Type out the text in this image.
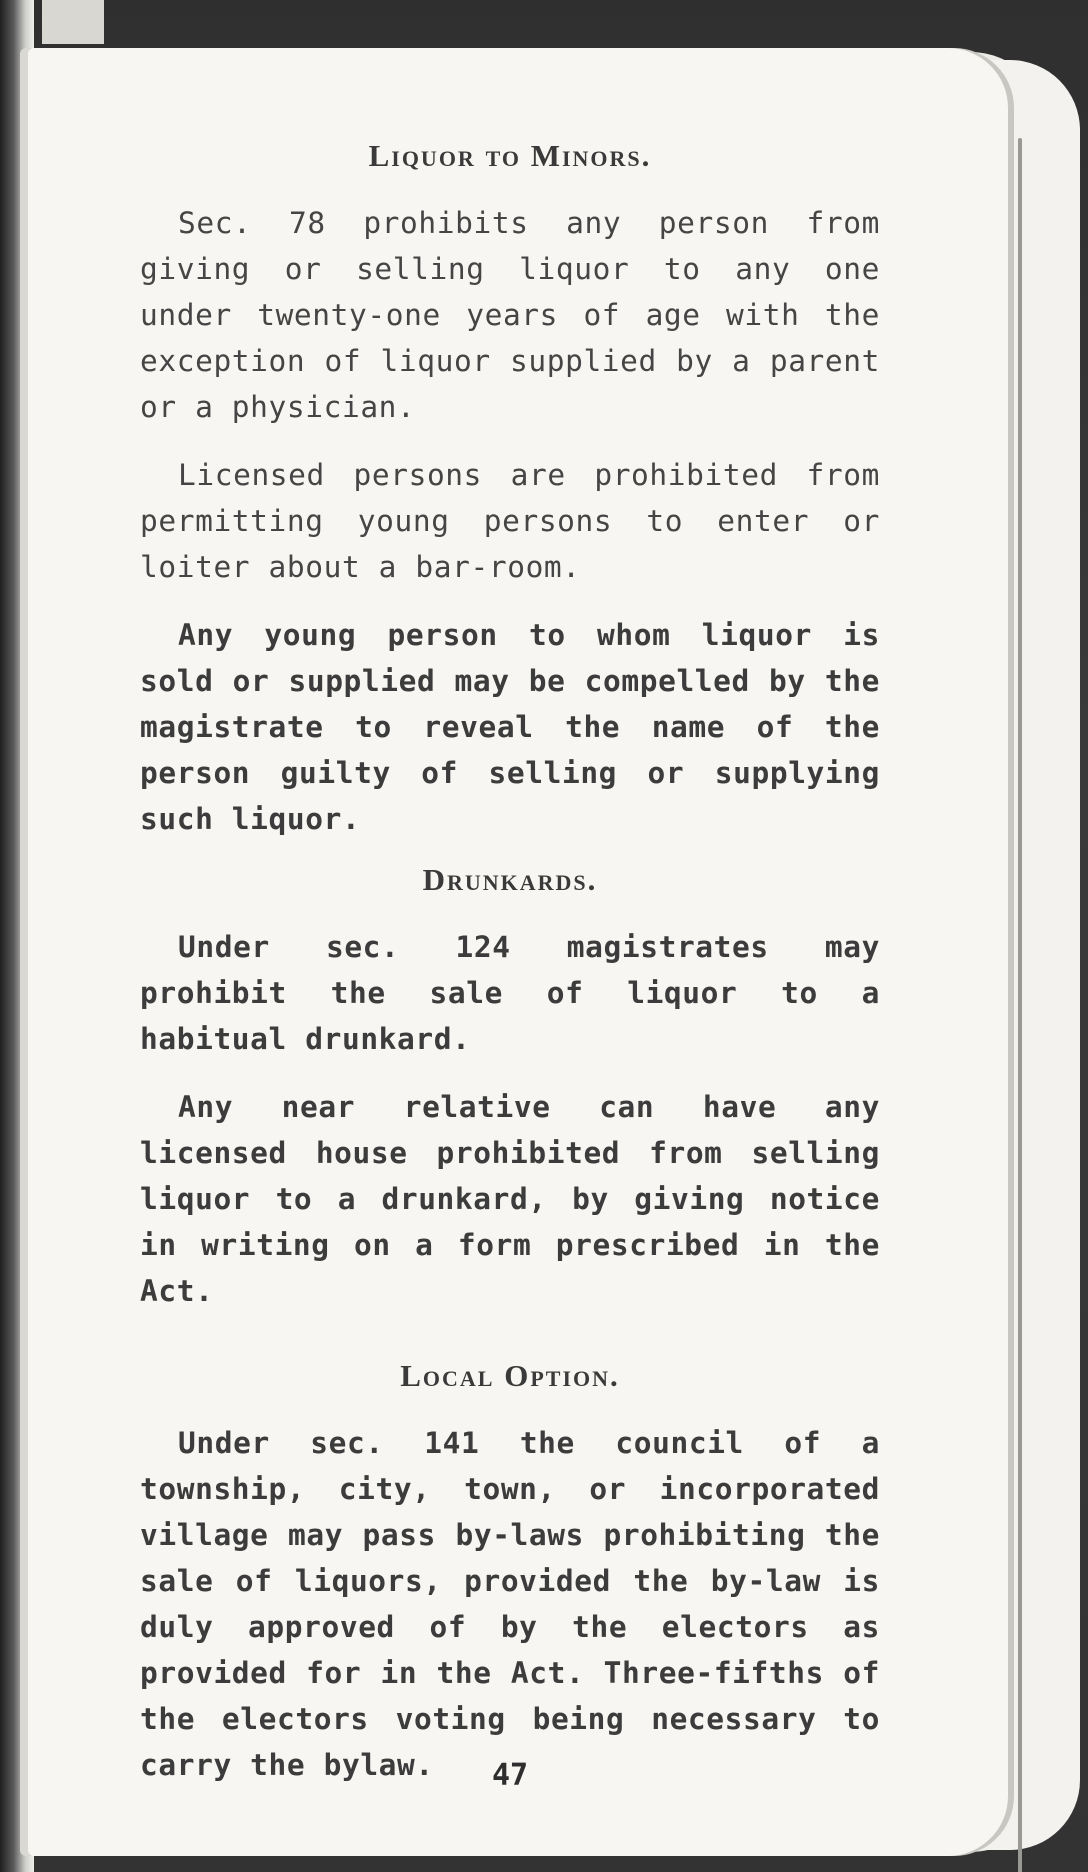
Liquor to Minors.

Sec. 78 prohibits any person from giving or selling liquor to any one under twenty-one years of age with the exception of liquor supplied by a parent or a physician.

Licensed persons are prohibited from permitting young persons to enter or loiter about a bar-room.

Any young person to whom liquor is sold or supplied may be compelled by the magistrate to reveal the name of the person guilty of selling or supplying such liquor.

Drunkards.

Under sec. 124 magistrates may prohibit the sale of liquor to a habitual drunkard.

Any near relative can have any licensed house prohibited from selling liquor to a drunkard, by giving notice in writing on a form prescribed in the Act.

Local Option.

Under sec. 141 the council of a township, city, town, or incorporated village may pass by-laws prohibiting the sale of liquors, provided the by-law is duly approved of by the electors as provided for in the Act. Three-fifths of the electors voting being necessary to carry the bylaw.	47
